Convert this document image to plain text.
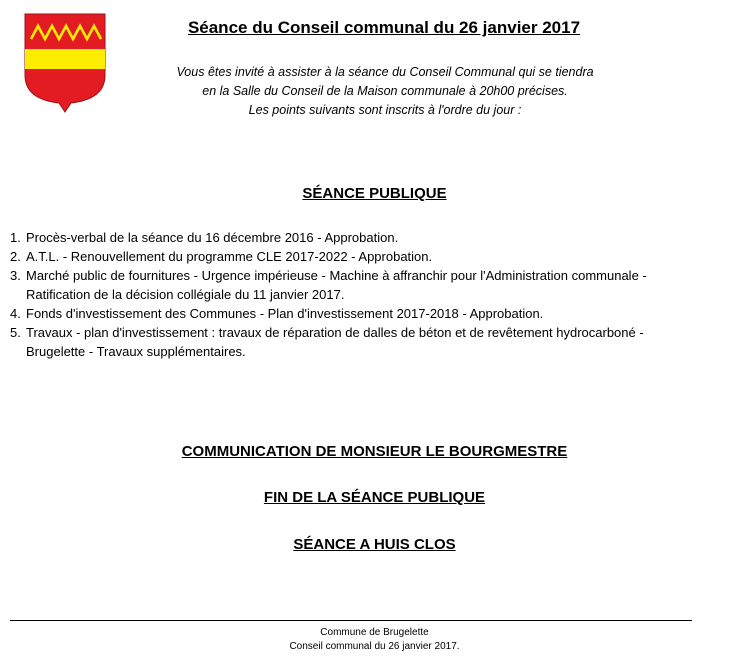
Séance du Conseil communal du 26 janvier 2017
Vous êtes invité à assister à la séance du Conseil Communal qui se tiendra
en la Salle du Conseil de la Maison communale à 20h00 précises.
Les points suivants sont inscrits à l'ordre du jour :
SÉANCE PUBLIQUE
1. Procès-verbal de la séance du 16 décembre 2016 - Approbation.
2. A.T.L. - Renouvellement du programme CLE 2017-2022 - Approbation.
3. Marché public de fournitures - Urgence impérieuse - Machine à affranchir pour l'Administration communale -
Ratification de la décision collégiale du 11 janvier 2017.
4. Fonds d'investissement des Communes - Plan d'investissement 2017-2018 - Approbation.
5. Travaux - plan d'investissement : travaux de réparation de dalles de béton et de revêtement hydrocarboné -
Brugelette - Travaux supplémentaires.
COMMUNICATION DE MONSIEUR LE BOURGMESTRE
FIN DE LA SÉANCE PUBLIQUE
SÉANCE A HUIS CLOS
Commune de Brugelette
Conseil communal du 26 janvier 2017.
